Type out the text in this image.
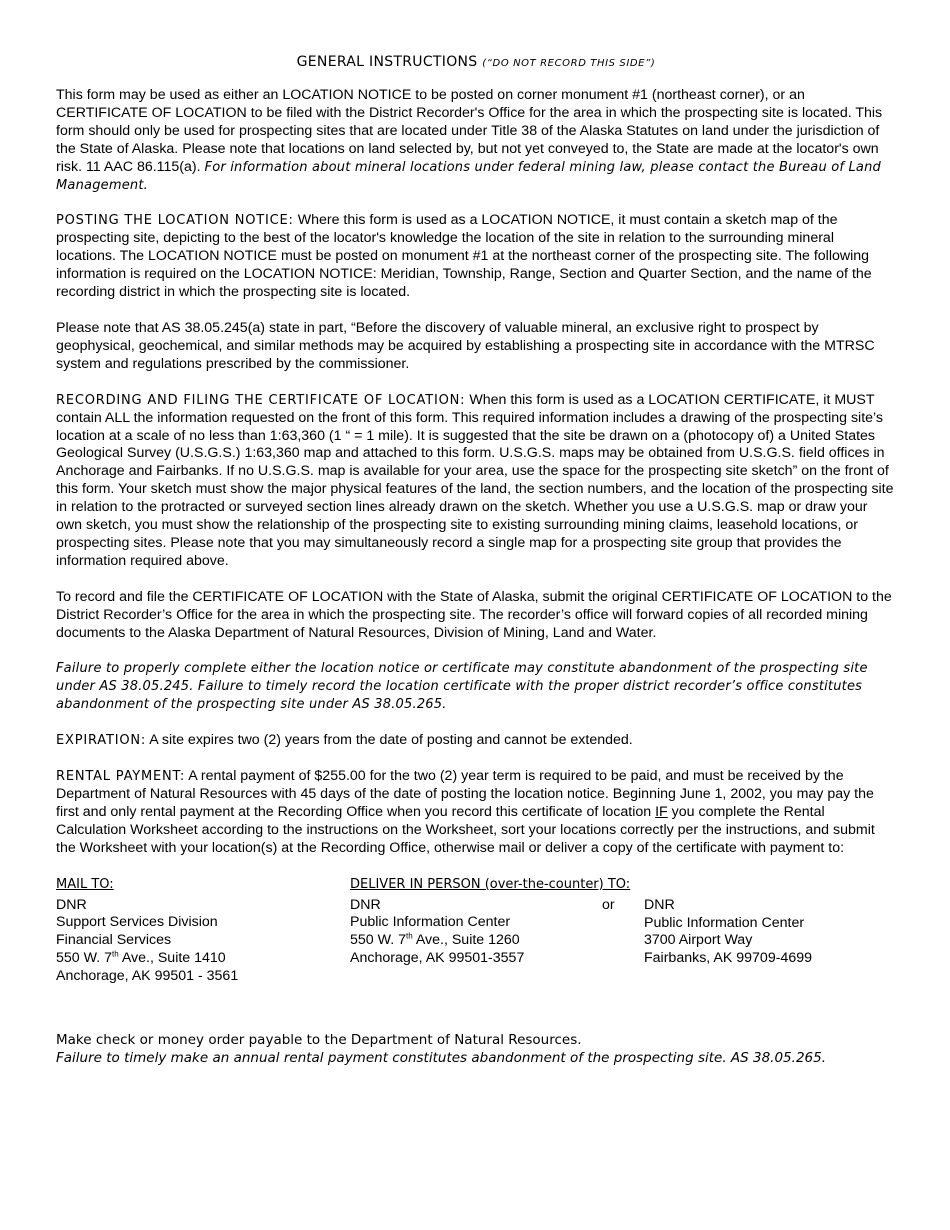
GENERAL INSTRUCTIONS (“DO NOT RECORD THIS SIDE”)

This form may be used as either an LOCATION NOTICE to be posted on corner monument #1 (northeast corner), or an CERTIFICATE OF LOCATION to be filed with the District Recorder's Office for the area in which the prospecting site is located. This form should only be used for prospecting sites that are located under Title 38 of the Alaska Statutes on land under the jurisdiction of the State of Alaska. Please note that locations on land selected by, but not yet conveyed to, the State are made at the locator's own risk. 11 AAC 86.115(a). For information about mineral locations under federal mining law, please contact the Bureau of Land Management.

POSTING THE LOCATION NOTICE: Where this form is used as a LOCATION NOTICE, it must contain a sketch map of the prospecting site, depicting to the best of the locator's knowledge the location of the site in relation to the surrounding mineral locations. The LOCATION NOTICE must be posted on monument #1 at the northeast corner of the prospecting site. The following information is required on the LOCATION NOTICE: Meridian, Township, Range, Section and Quarter Section, and the name of the recording district in which the prospecting site is located.

Please note that AS 38.05.245(a) state in part, “Before the discovery of valuable mineral, an exclusive right to prospect by geophysical, geochemical, and similar methods may be acquired by establishing a prospecting site in accordance with the MTRSC system and regulations prescribed by the commissioner.

RECORDING AND FILING THE CERTIFICATE OF LOCATION: When this form is used as a LOCATION CERTIFICATE, it MUST contain ALL the information requested on the front of this form. This required information includes a drawing of the prospecting site’s location at a scale of no less than 1:63,360 (1 “ = 1 mile). It is suggested that the site be drawn on a (photocopy of) a United States Geological Survey (U.S.G.S.) 1:63,360 map and attached to this form. U.S.G.S. maps may be obtained from U.S.G.S. field offices in Anchorage and Fairbanks. If no U.S.G.S. map is available for your area, use the space for the prospecting site sketch” on the front of this form. Your sketch must show the major physical features of the land, the section numbers, and the location of the prospecting site in relation to the protracted or surveyed section lines already drawn on the sketch. Whether you use a U.S.G.S. map or draw your own sketch, you must show the relationship of the prospecting site to existing surrounding mining claims, leasehold locations, or prospecting sites. Please note that you may simultaneously record a single map for a prospecting site group that provides the information required above.

To record and file the CERTIFICATE OF LOCATION with the State of Alaska, submit the original CERTIFICATE OF LOCATION to the District Recorder’s Office for the area in which the prospecting site. The recorder’s office will forward copies of all recorded mining documents to the Alaska Department of Natural Resources, Division of Mining, Land and Water.

Failure to properly complete either the location notice or certificate may constitute abandonment of the prospecting site under AS 38.05.245. Failure to timely record the location certificate with the proper district recorder’s office constitutes abandonment of the prospecting site under AS 38.05.265.

EXPIRATION: A site expires two (2) years from the date of posting and cannot be extended.

RENTAL PAYMENT: A rental payment of $255.00 for the two (2) year term is required to be paid, and must be received by the Department of Natural Resources with 45 days of the date of posting the location notice. Beginning June 1, 2002, you may pay the first and only rental payment at the Recording Office when you record this certificate of location IF you complete the Rental Calculation Worksheet according to the instructions on the Worksheet, sort your locations correctly per the instructions, and submit the Worksheet with your location(s) at the Recording Office, otherwise mail or deliver a copy of the certificate with payment to:

MAIL TO:
DNR
Support Services Division
Financial Services
550 W. 7th Ave., Suite 1410
Anchorage, AK 99501 - 3561
DELIVER IN PERSON (over-the-counter) TO:
DNR
Public Information Center
550 W. 7th Ave., Suite 1260
Anchorage, AK 99501-3557
or DNR
Public Information Center
3700 Airport Way
Fairbanks, AK 99709-4699
Make check or money order payable to the Department of Natural Resources.
Failure to timely make an annual rental payment constitutes abandonment of the prospecting site. AS 38.05.265.
